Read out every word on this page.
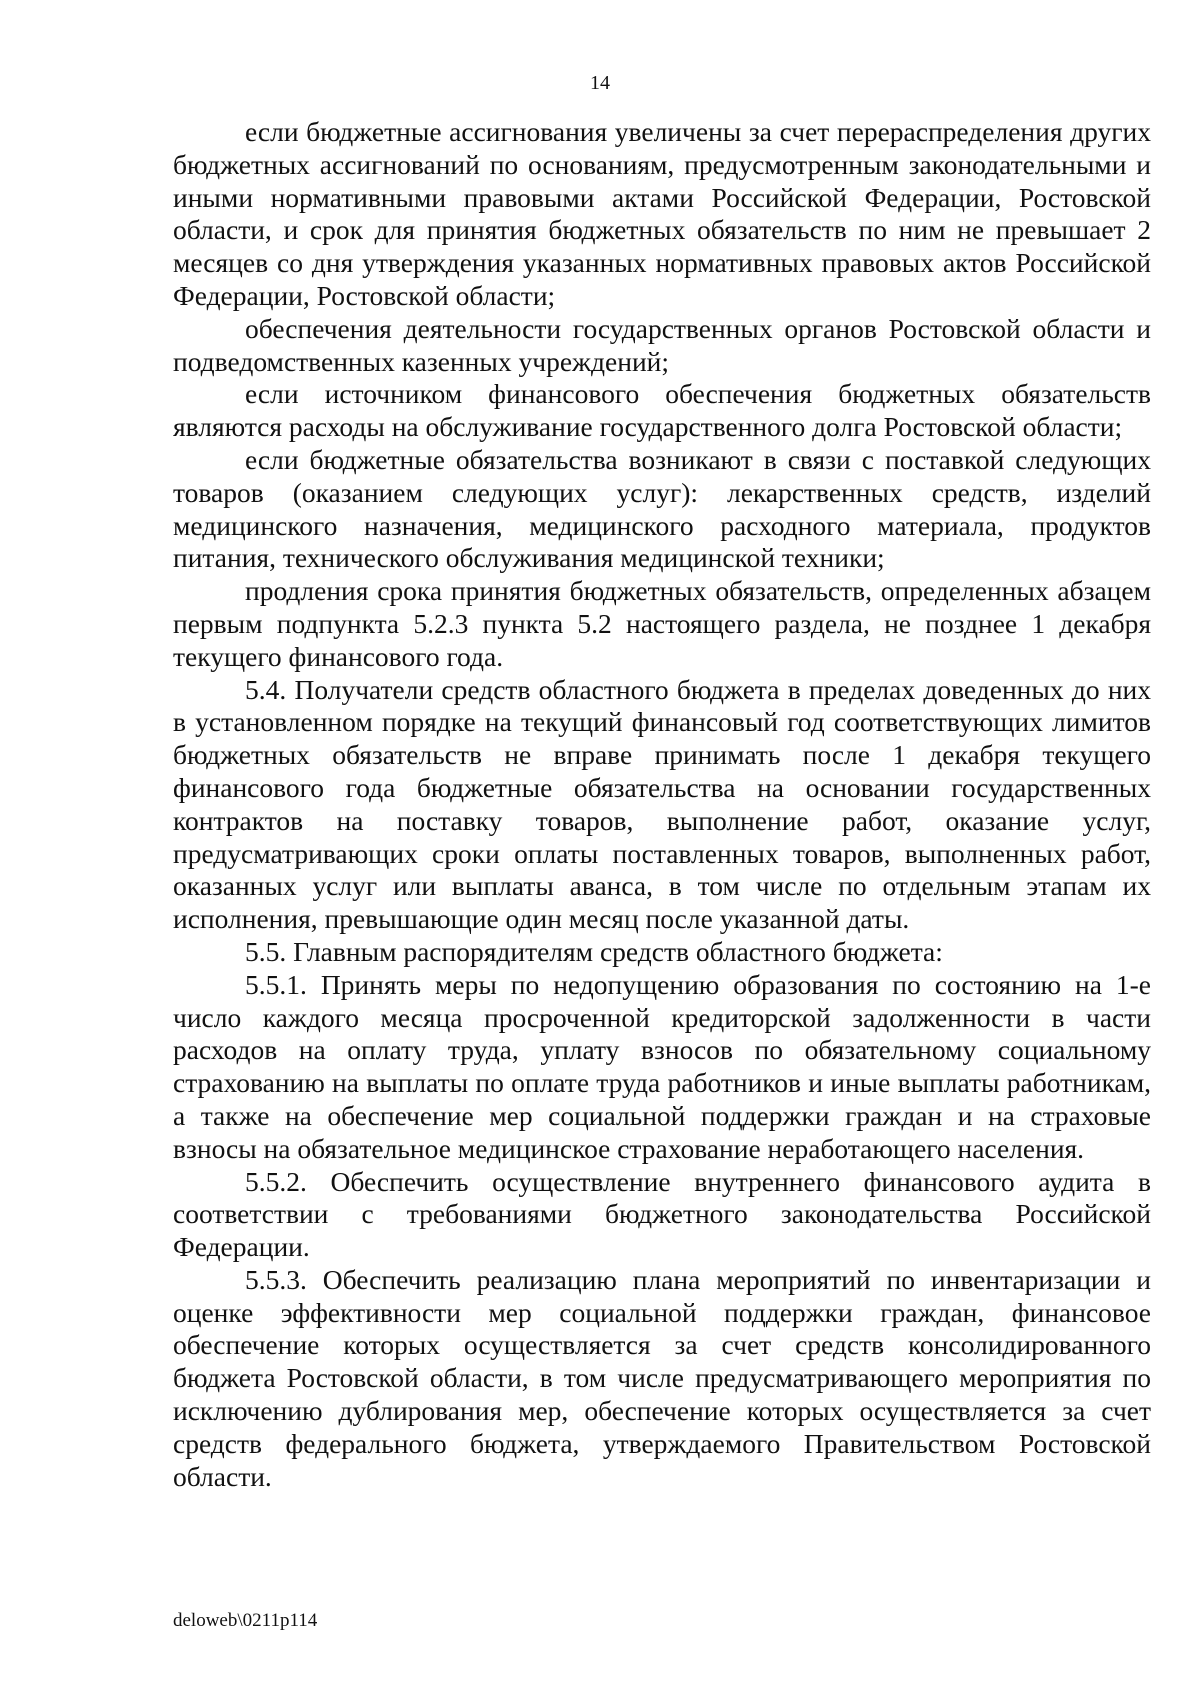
14

если бюджетные ассигнования увеличены за счет перераспределения других бюджетных ассигнований по основаниям, предусмотренным законодательными и иными нормативными правовыми актами Российской Федерации, Ростовской области, и срок для принятия бюджетных обязательств по ним не превышает 2 месяцев со дня утверждения указанных нормативных правовых актов Российской Федерации, Ростовской области;

обеспечения деятельности государственных органов Ростовской области и подведомственных казенных учреждений;

если источником финансового обеспечения бюджетных обязательств являются расходы на обслуживание государственного долга Ростовской области;

если бюджетные обязательства возникают в связи с поставкой следующих товаров (оказанием следующих услуг): лекарственных средств, изделий медицинского назначения, медицинского расходного материала, продуктов питания, технического обслуживания медицинской техники;

продления срока принятия бюджетных обязательств, определенных абзацем первым подпункта 5.2.3 пункта 5.2 настоящего раздела, не позднее 1 декабря текущего финансового года.

5.4. Получатели средств областного бюджета в пределах доведенных до них в установленном порядке на текущий финансовый год соответствующих лимитов бюджетных обязательств не вправе принимать после 1 декабря текущего финансового года бюджетные обязательства на основании государственных контрактов на поставку товаров, выполнение работ, оказание услуг, предусматривающих сроки оплаты поставленных товаров, выполненных работ, оказанных услуг или выплаты аванса, в том числе по отдельным этапам их исполнения, превышающие один месяц после указанной даты.

5.5. Главным распорядителям средств областного бюджета:

5.5.1. Принять меры по недопущению образования по состоянию на 1-е число каждого месяца просроченной кредиторской задолженности в части расходов на оплату труда, уплату взносов по обязательному социальному страхованию на выплаты по оплате труда работников и иные выплаты работникам, а также на обеспечение мер социальной поддержки граждан и на страховые взносы на обязательное медицинское страхование неработающего населения.

5.5.2. Обеспечить осуществление внутреннего финансового аудита в соответствии с требованиями бюджетного законодательства Российской Федерации.

5.5.3. Обеспечить реализацию плана мероприятий по инвентаризации и оценке эффективности мер социальной поддержки граждан, финансовое обеспечение которых осуществляется за счет средств консолидированного бюджета Ростовской области, в том числе предусматривающего мероприятия по исключению дублирования мер, обеспечение которых осуществляется за счет средств федерального бюджета, утверждаемого Правительством Ростовской области.

deloweb\0211p114
